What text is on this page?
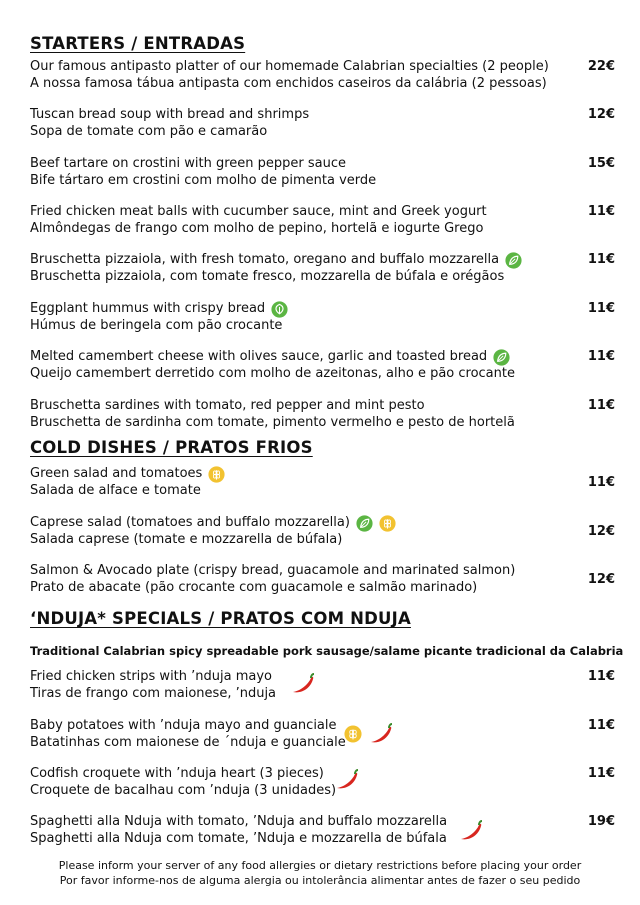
STARTERS / ENTRADAS
Our famous antipasto platter of our homemade Calabrian specialties (2 people)
A nossa famosa tábua antipasta com enchidos caseiros da calábria (2 pessoas)
22€
Tuscan bread soup with bread and shrimps
Sopa de tomate com pão e camarão
12€
Beef tartare on crostini with green pepper sauce
Bife tártaro em crostini com molho de pimenta verde
15€
Fried chicken meat balls with cucumber sauce, mint and Greek yogurt
Almôndegas de frango com molho de pepino, hortelã e iogurte Grego
11€
Bruschetta pizzaiola, with fresh tomato, oregano and buffalo mozzarella
Bruschetta pizzaiola, com tomate fresco, mozzarella de búfala e orégãos
11€
Eggplant hummus with crispy bread
Húmus de beringela com pão crocante
11€
Melted camembert cheese with olives sauce, garlic and toasted bread
Queijo camembert derretido com molho de azeitonas, alho e pão crocante
11€
Bruschetta sardines with tomato, red pepper and mint pesto
Bruschetta de sardinha com tomate, pimento vermelho e pesto de hortelã
11€
COLD DISHES / PRATOS FRIOS
Green salad and tomatoes
Salada de alface e tomate
11€
Caprese salad (tomatoes and buffalo mozzarella)
Salada caprese (tomate e mozzarella de búfala)
12€
Salmon & Avocado plate (crispy bread, guacamole and marinated salmon)
Prato de abacate (pão crocante com guacamole e salmão marinado)	12€
‘NDUJA* SPECIALS / PRATOS COM NDUJA
Traditional Calabrian spicy spreadable pork sausage/salame picante tradicional da Calabria
Fried chicken strips with ’nduja mayo
Tiras de frango com maionese, ’nduja
11€
Baby potatoes with ’nduja mayo and guanciale
Batatinhas com maionese de ´nduja e guanciale
11€
Codfish croquete with ’nduja heart (3 pieces)
Croquete de bacalhau com ’nduja (3 unidades)
11€
Spaghetti alla Nduja with tomato, ’Nduja and buffalo mozzarella
Spaghetti alla Nduja com tomate, ’Nduja e mozzarella de búfala
19€
Please inform your server of any food allergies or dietary restrictions before placing your order
Por favor informe-nos de alguma alergia ou intolerância alimentar antes de fazer o seu pedido
